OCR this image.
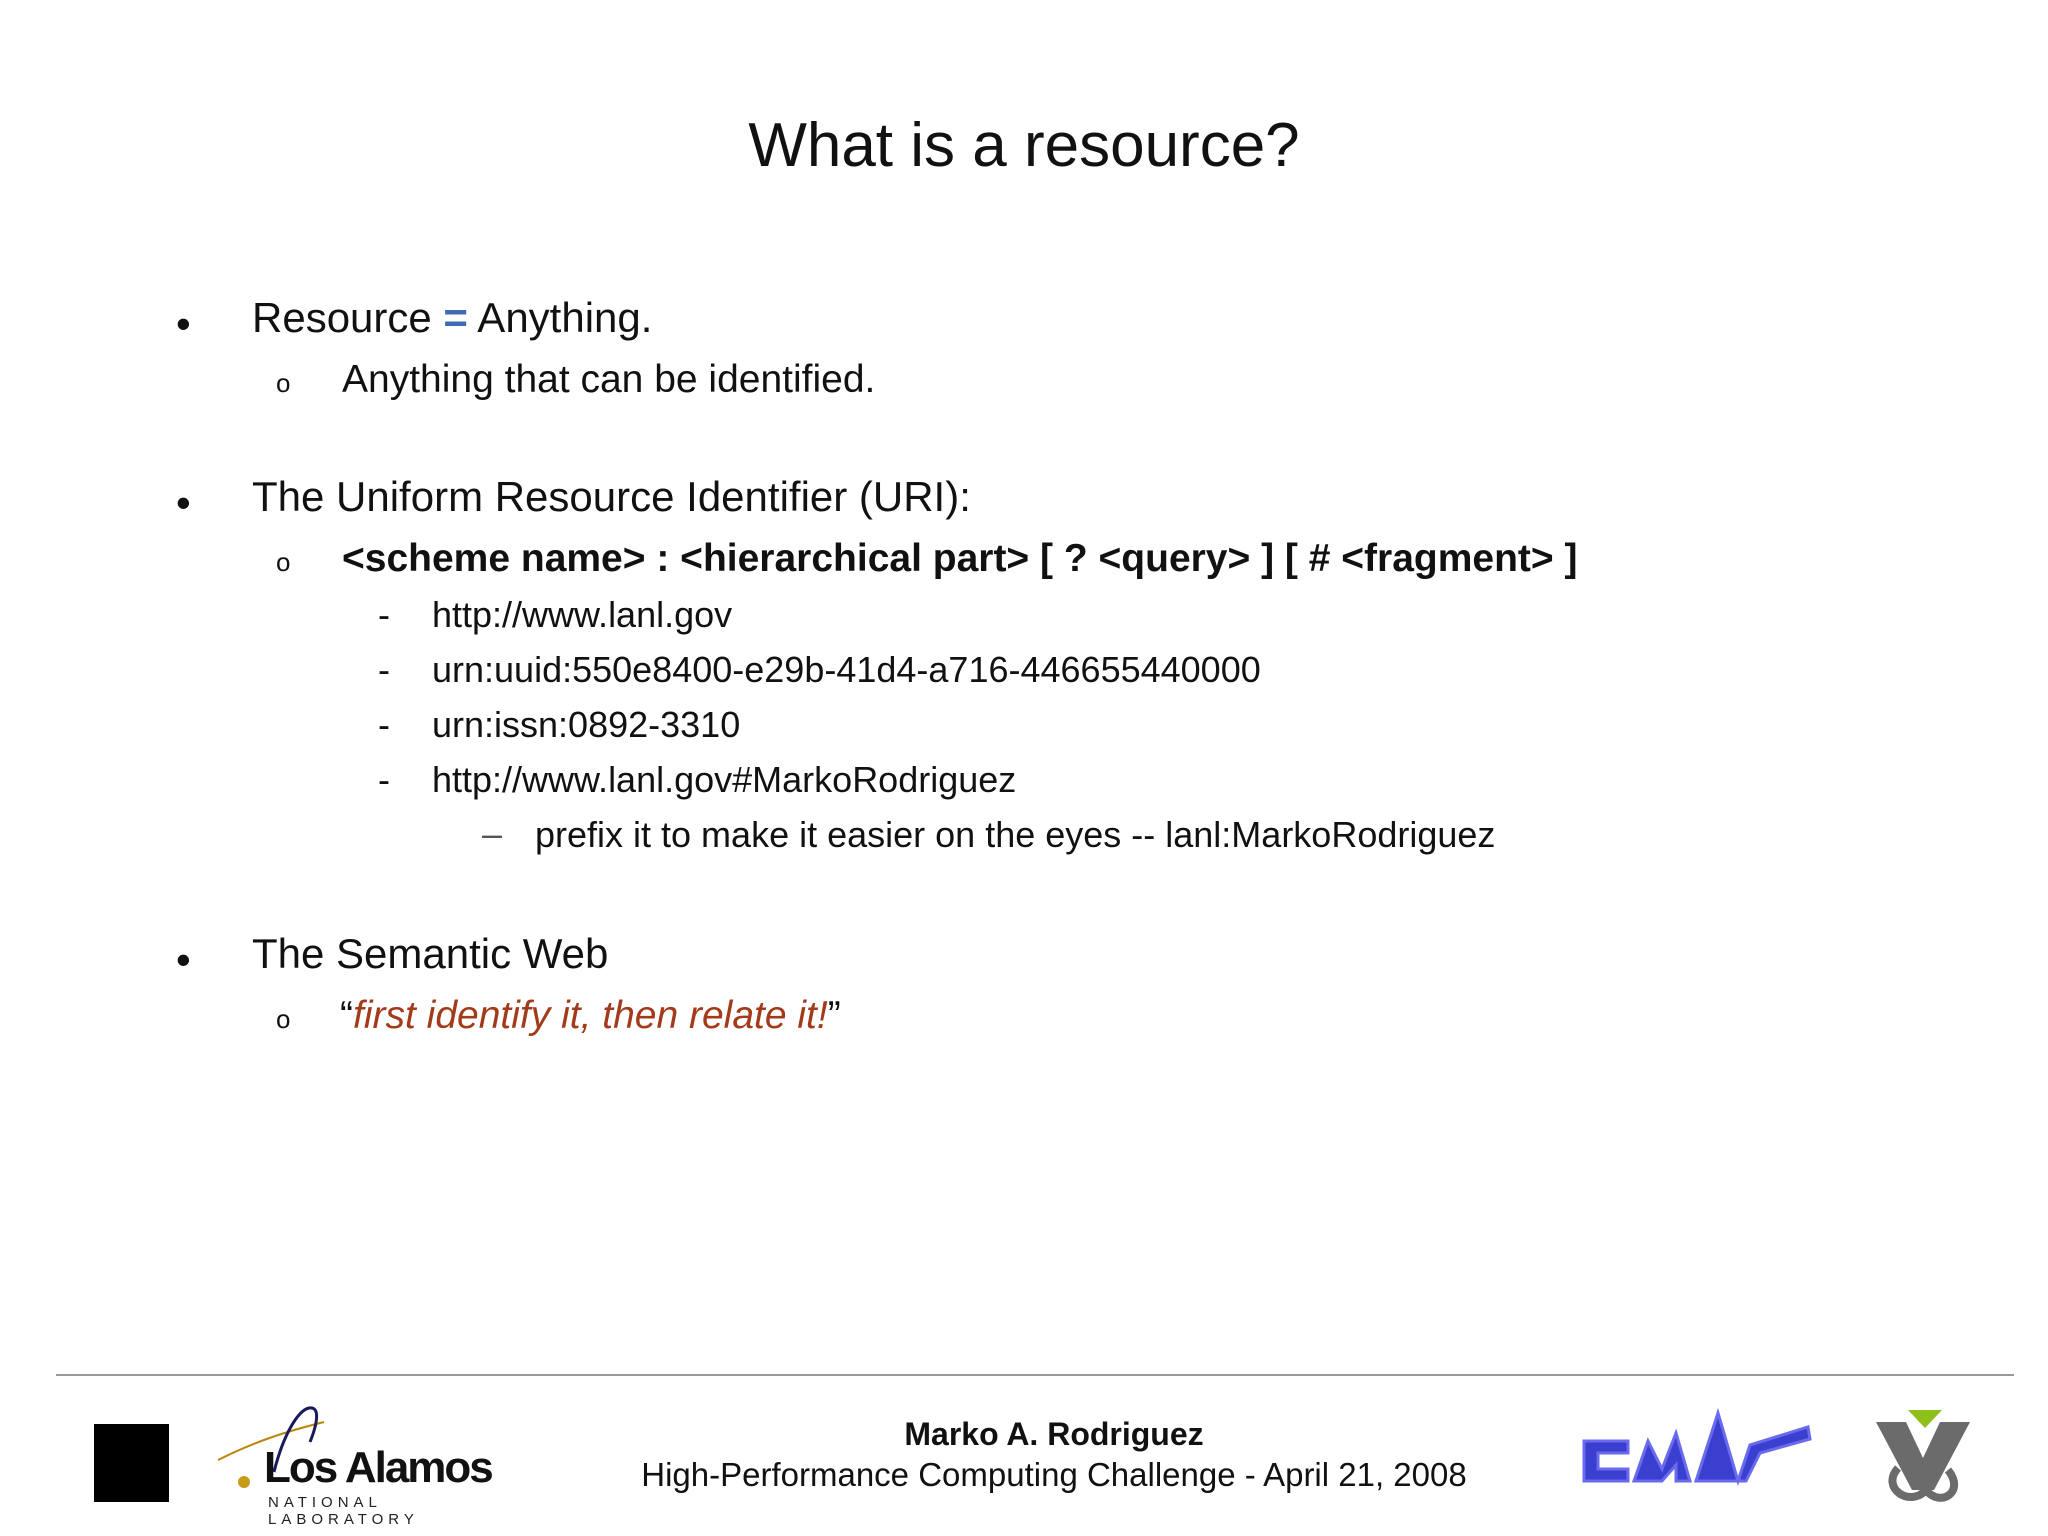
What is a resource?
• Resource = Anything.
o Anything that can be identified.
• The Uniform Resource Identifier (URI):
o <scheme name> : <hierarchical part> [ ? <query> ] [ # <fragment> ]
- http://www.lanl.gov
- urn:uuid:550e8400-e29b-41d4-a716-446655440000
- urn:issn:0892-3310
- http://www.lanl.gov#MarkoRodriguez
– prefix it to make it easier on the eyes -- lanl:MarkoRodriguez
• The Semantic Web
o “first identify it, then relate it!”
Los Alamos
NATIONAL LABORATORY
Marko A. Rodriguez
High-Performance Computing Challenge - April 21, 2008
